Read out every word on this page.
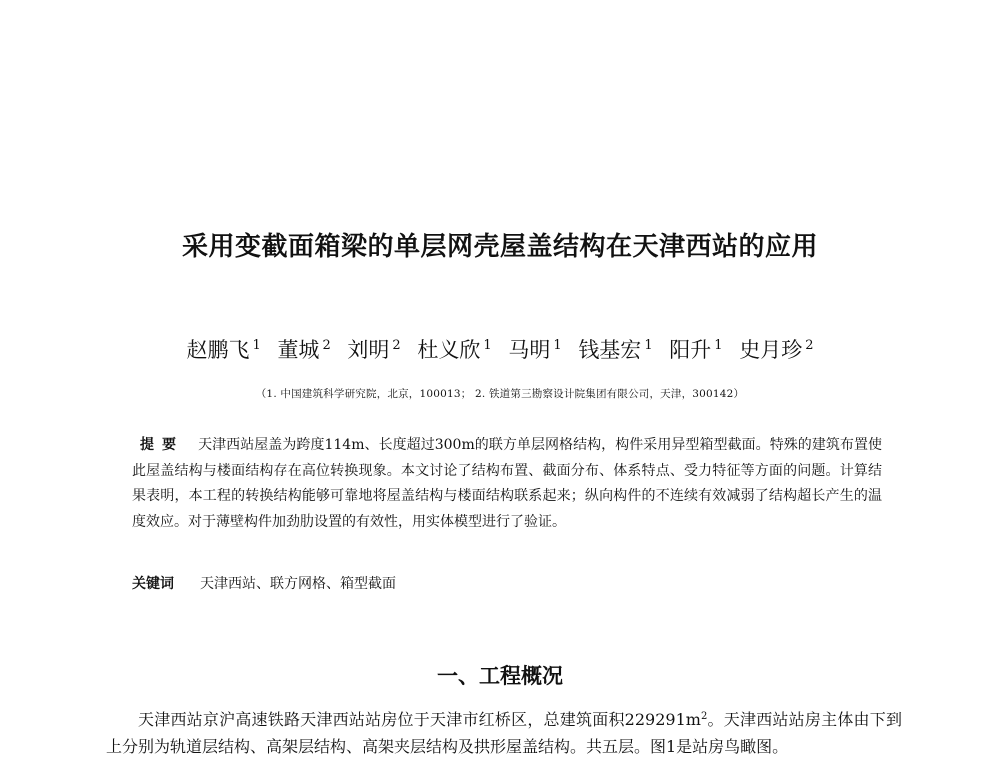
采用变截面箱梁的单层网壳屋盖结构在天津西站的应用
赵鹏飞 $^1$ 董城 $^2$ 刘明 $^2$ 杜义欣 $^1$ 马明 $^1$ 钱基宏 $^1$ 阳升 $^1$ 史月珍 $^2$
（1. 中国建筑科学研究院，北京，100013； 2. 铁道第三勘察设计院集团有限公司，天津，300142）
提要 天津西站屋盖为跨度114m、长度超过300m的联方单层网格结构，构件采用异型箱型截面。特殊的建筑布置使此屋盖结构与楼面结构存在高位转换现象。本文讨论了结构布置、截面分布、体系特点、受力特征等方面的问题。计算结果表明，本工程的转换结构能够可靠地将屋盖结构与楼面结构联系起来；纵向构件的不连续有效减弱了结构超长产生的温度效应。对于薄壁构件加劲肋设置的有效性，用实体模型进行了验证。
关键词 天津西站、联方网格、箱型截面
一、工程概况
天津西站京沪高速铁路天津西站站房位于天津市红桥区，总建筑面积$229291m^2$。天津西站站房主体由下到上分别为轨道层结构、高架层结构、高架夹层结构及拱形屋盖结构。共五层。图1是站房鸟瞰图。
